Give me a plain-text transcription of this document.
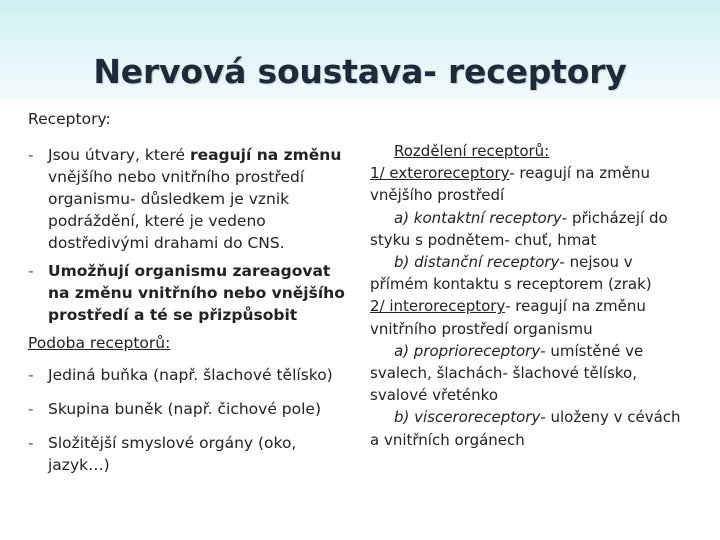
Nervová soustava- receptory

Receptory:

- Jsou útvary, které reagují na změnu vnějšího nebo vnitřního prostředí organismu- důsledkem je vznik podráždění, které je vedeno dostředivými drahami do CNS.
- Umožňují organismu zareagovat na změnu vnitřního nebo vnějšího prostředí a té se přizpůsobit

Podoba receptorů:

- Jediná buňka (např. šlachové tělísko)
- Skupina buněk (např. čichové pole)
- Složitější smyslové orgány (oko, jazyk…)

Rozdělení receptorů:

1/ exteroreceptory- reagují na změnu vnějšího prostředí

a) kontaktní receptory- přicházejí do styku s podnětem- chuť, hmat

b) distanční receptory- nejsou v přímém kontaktu s receptorem (zrak)

2/ interoreceptory- reagují na změnu vnitřního prostředí organismu

a) proprioreceptory- umístěné ve svalech, šlachách- šlachové tělísko, svalové vřeténko

b) visceroreceptory- uloženy v cévách a vnitřních orgánech
